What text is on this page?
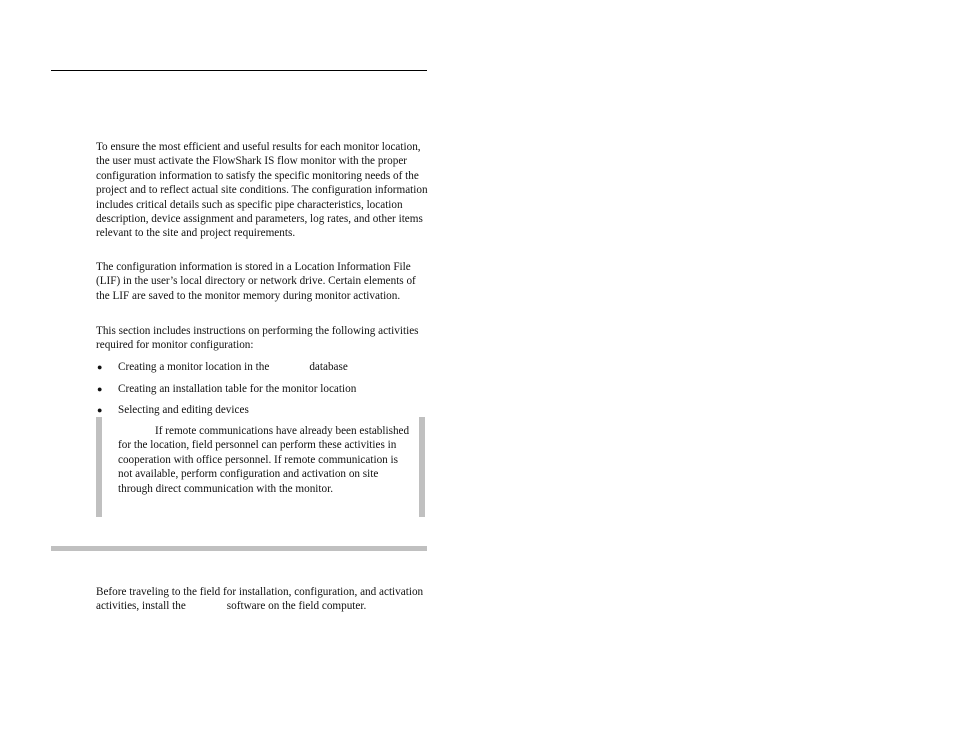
To ensure the most efficient and useful results for each monitor location, the user must activate the FlowShark IS flow monitor with the proper configuration information to satisfy the specific monitoring needs of the project and to reflect actual site conditions. The configuration information includes critical details such as specific pipe characteristics, location description, device assignment and parameters, log rates, and other items relevant to the site and project requirements.

The configuration information is stored in a Location Information File (LIF) in the user’s local directory or network drive. Certain elements of the LIF are saved to the monitor memory during monitor activation.

This section includes instructions on performing the following activities required for monitor configuration:

● Creating a monitor location in the	database
● Creating an installation table for the monitor location
● Selecting and editing devices

If remote communications have already been established for the location, field personnel can perform these activities in cooperation with office personnel. If remote communication is not available, perform configuration and activation on site through direct communication with the monitor.

Before traveling to the field for installation, configuration, and activation activities, install the	software on the field computer.
